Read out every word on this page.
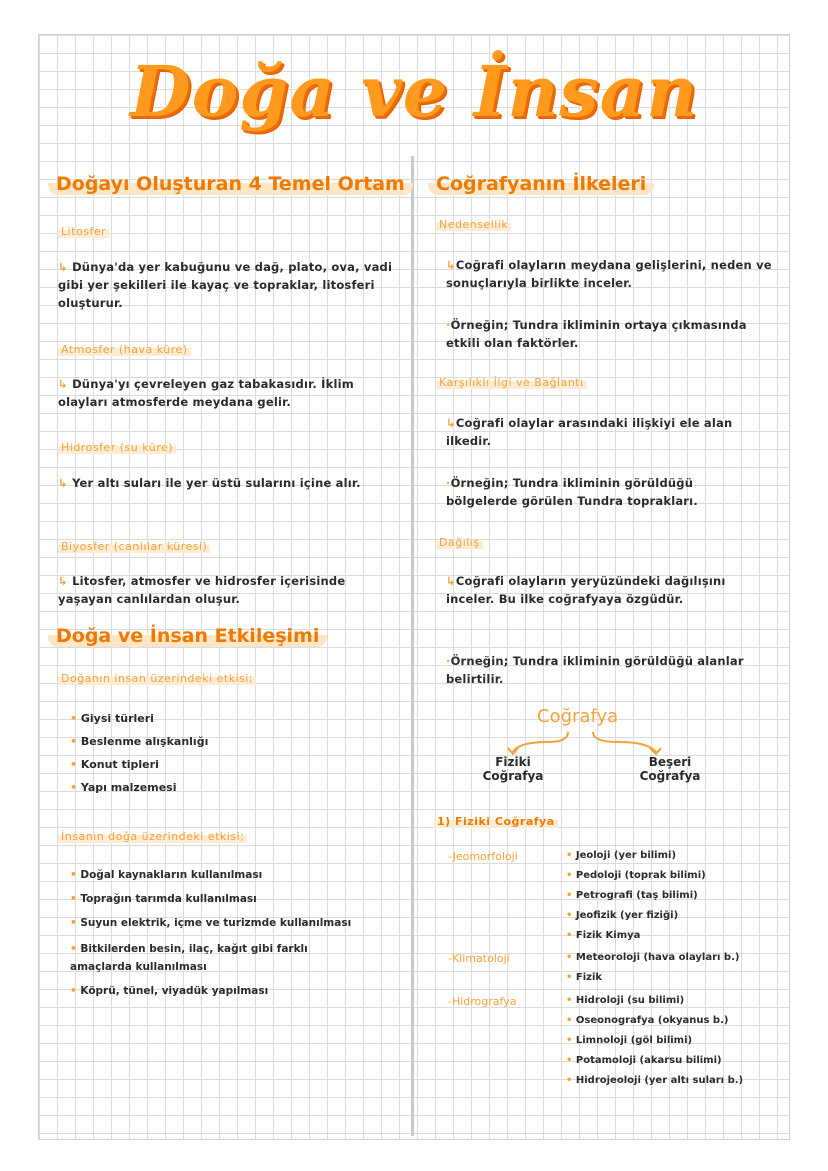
Doğa ve İnsan
Doğayı Oluşturan 4 Temel Ortam
Litosfer
↳ Dünya'da yer kabuğunu ve dağ, plato, ova, vadi gibi yer şekilleri ile kayaç ve topraklar, litosferi oluşturur.
Atmosfer (hava küre)
↳ Dünya'yı çevreleyen gaz tabakasıdır. İklim olayları atmosferde meydana gelir.
Hidrosfer (su küre)
↳ Yer altı suları ile yer üstü sularını içine alır.
Biyosfer (canlılar küresi)
↳ Litosfer, atmosfer ve hidrosfer içerisinde yaşayan canlılardan oluşur.
Doğa ve İnsan Etkileşimi
Doğanın insan üzerindeki etkisi;
• Giysi türleri
• Beslenme alışkanlığı
• Konut tipleri
• Yapı malzemesi
İnsanın doğa üzerindeki etkisi;
• Doğal kaynakların kullanılması
• Toprağın tarımda kullanılması
• Suyun elektrik, içme ve turizmde kullanılması
• Bitkilerden besin, ilaç, kağıt gibi farklı amaçlarda kullanılması
• Köprü, tünel, viyadük yapılması
Coğrafyanın İlkeleri
Nedensellik
↳Coğrafi olayların meydana gelişlerini, neden ve sonuçlarıyla birlikte inceler.
·Örneğin; Tundra ikliminin ortaya çıkmasında etkili olan faktörler.
Karşılıklı İlgi ve Bağlantı
↳Coğrafi olaylar arasındaki ilişkiyi ele alan ilkedir.
·Örneğin; Tundra ikliminin görüldüğü bölgelerde görülen Tundra toprakları.
Dağılış
↳Coğrafi olayların yeryüzündeki dağılışını inceler. Bu ilke coğrafyaya özgüdür.
·Örneğin; Tundra ikliminin görüldüğü alanlar belirtilir.
Coğrafya
Fiziki Coğrafya
Beşeri Coğrafya
1) Fiziki Coğrafya
-Jeomorfoloji	• Jeoloji (yer bilimi)
• Pedoloji (toprak bilimi)
• Petrografi (taş bilimi)
• Jeofizik (yer fiziği)
• Fizik Kimya
-Klimatoloji	• Meteoroloji (hava olayları b.)
• Fizik
-Hidrografya	• Hidroloji (su bilimi)
• Oseonografya (okyanus b.)
• Limnoloji (göl bilimi)
• Potamoloji (akarsu bilimi)
• Hidrojeoloji (yer altı suları b.)
